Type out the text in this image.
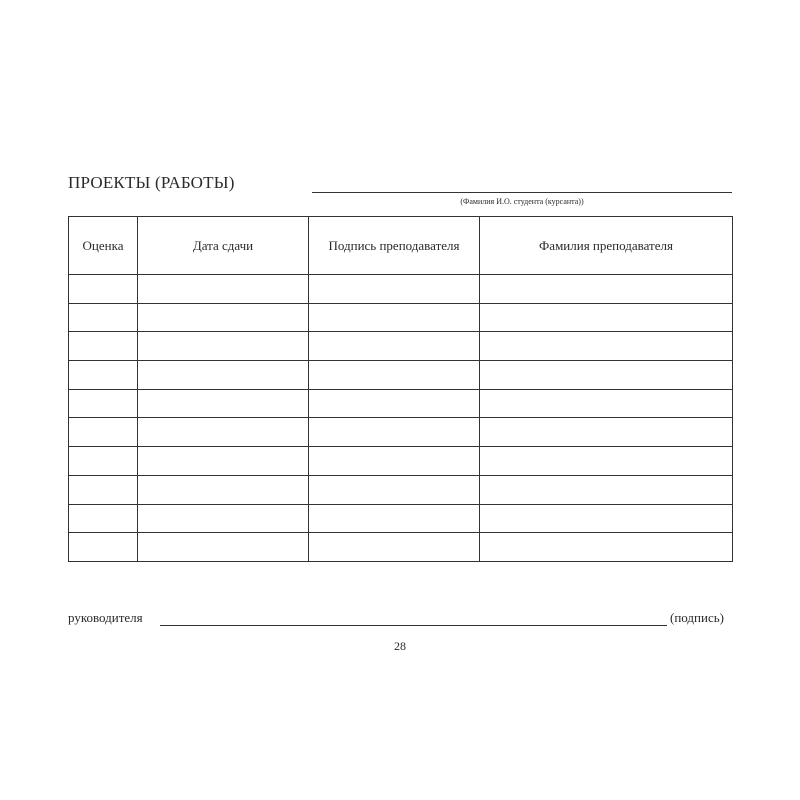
ПРОЕКТЫ (РАБОТЫ)
(Фамилия И.О. студента (курсанта))
Оценка	Дата сдачи	Подпись преподавателя	Фамилия преподавателя

руководителя	(подпись)
28
